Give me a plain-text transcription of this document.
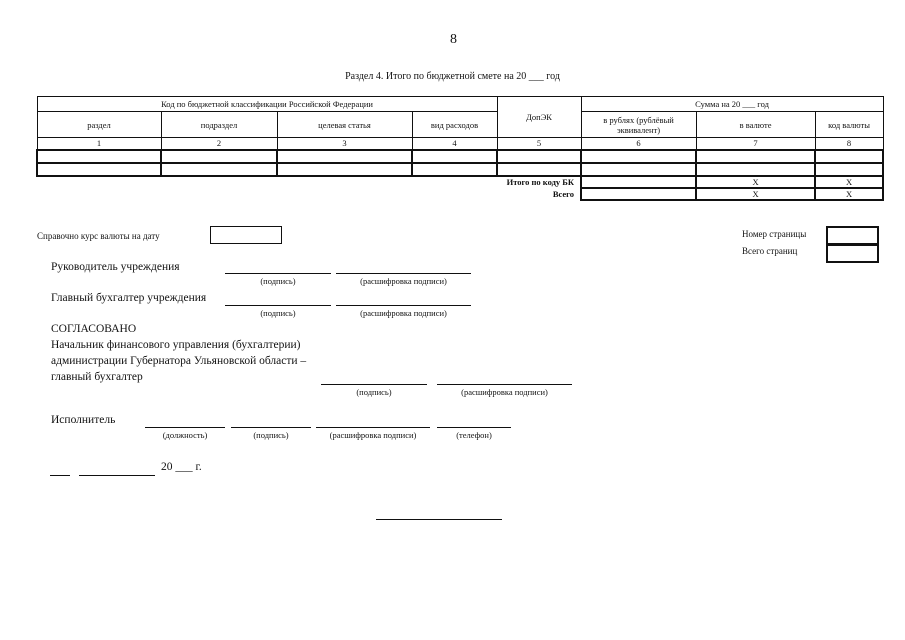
8
Раздел 4. Итого по бюджетной смете на 20 ___ год
Код по бюджетной классификации Российской Федерации				ДопЭК	Сумма на 20 ___ год		
раздел	подраздел	целевая статья	вид расходов		в рублях (рублёвый эквивалент)	в валюте	код валюты
1	2	3	4	5	6	7	8

Итого по коду БК						X	X
Всего						X	X
Справочно курс валюты на дату	Номер страницы
Всего страниц
Руководитель учреждения
(подпись)	(расшифровка подписи)
Главный бухгалтер учреждения
(подпись)	(расшифровка подписи)
СОГЛАСОВАНО
Начальник финансового управления (бухгалтерии)
администрации Губернатора Ульяновской области –
главный бухгалтер
(подпись)	(расшифровка подписи)
Исполнитель
(должность)	(подпись)	(расшифровка подписи)	(телефон)
20 ___ г.
